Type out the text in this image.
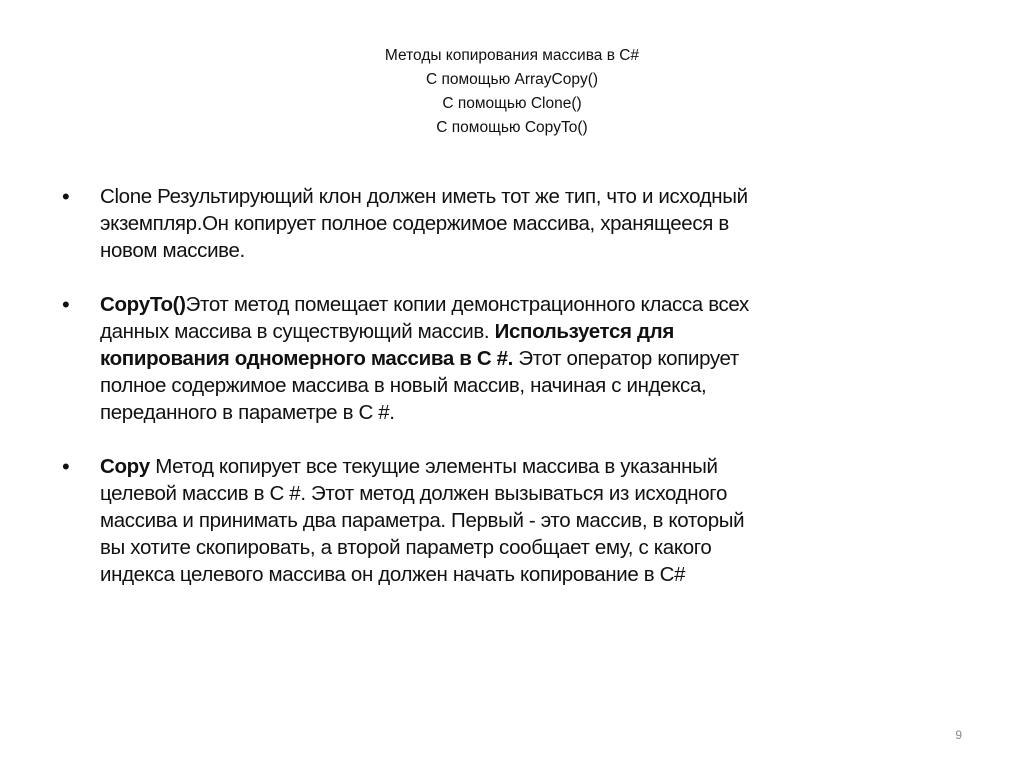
Методы копирования массива в C#
С помощью ArrayCopy()
С помощью Clone()
С помощью CopyTo()
• Clone Результирующий клон должен иметь тот же тип, что и исходный
экземпляр.Он копирует полное содержимое массива, хранящееся в
новом массиве.
• CopyTo()Этот метод помещает копии демонстрационного класса всех
данных массива в существующий массив. Используется для
копирования одномерного массива в C #. Этот оператор копирует
полное содержимое массива в новый массив, начиная с индекса,
переданного в параметре в C #.
• Copy Метод копирует все текущие элементы массива в указанный
целевой массив в C #. Этот метод должен вызываться из исходного
массива и принимать два параметра. Первый - это массив, в который
вы хотите скопировать, а второй параметр сообщает ему, с какого
индекса целевого массива он должен начать копирование в C#
9
